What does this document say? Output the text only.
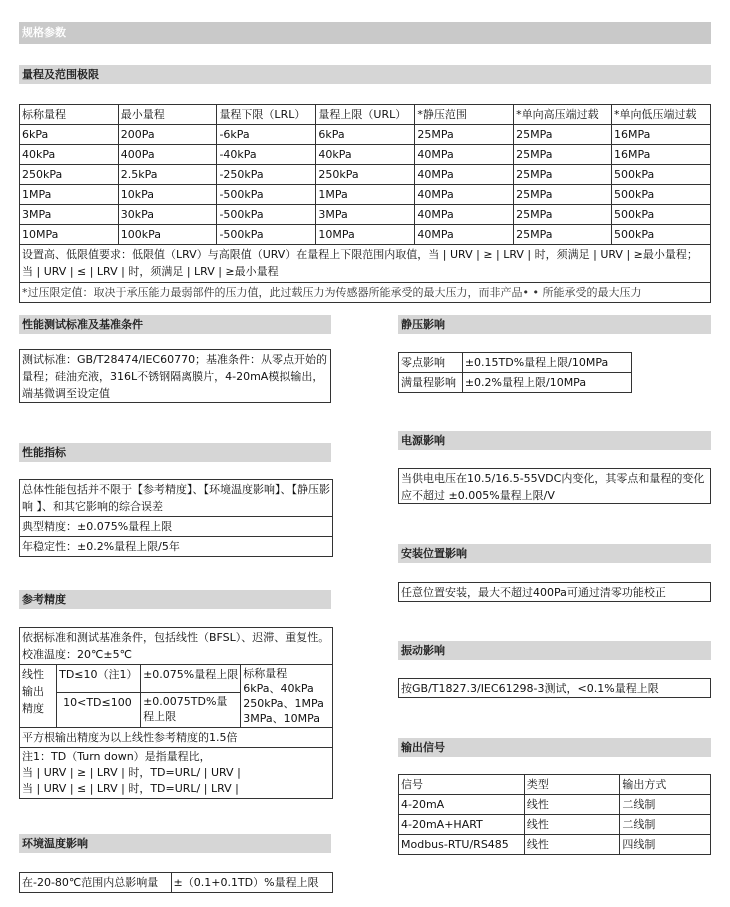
规格参数
量程及范围极限
标称量程	最小量程	量程下限（LRL）	量程上限（URL）	*静压范围	*单向高压端过载	*单向低压端过载
6kPa	200Pa	-6kPa	6kPa	25MPa	25MPa	16MPa
40kPa	400Pa	-40kPa	40kPa	40MPa	25MPa	16MPa
250kPa	2.5kPa	-250kPa	250kPa	40MPa	25MPa	500kPa
1MPa	10kPa	-500kPa	1MPa	40MPa	25MPa	500kPa
3MPa	30kPa	-500kPa	3MPa	40MPa	25MPa	500kPa
10MPa	100kPa	-500kPa	10MPa	40MPa	25MPa	500kPa
设置高、低限值要求：低限值（LRV）与高限值（URV）在量程上下限范围内取值，当 | URV | ≥ | LRV | 时，须满足 | URV | ≥最小量程；当 | URV | ≤ | LRV | 时，须满足 | LRV | ≥最小量程						
*过压限定值：取决于承压能力最弱部件的压力值，此过载压力为传感器所能承受的最大压力，而非产品• • 所能承受的最大压力						
性能测试标准及基准条件
测试标准：GB/T28474/IEC60770；基准条件：从零点开始的量程；硅油充液，316L不锈钢隔离膜片，4-20mA模拟输出，端基微调至设定值
性能指标
总体性能包括并不限于【参考精度】、【环境温度影响】、【静压影响 】、和其它影响的综合误差
典型精度：±0.075%量程上限
年稳定性：±0.2%量程上限/5年
参考精度
依据标准和测试基准条件，包括线性（BFSL）、迟滞、重复性。校准温度：20℃±5℃			
线性输出精度	TD≤10（注1）	±0.075%量程上限	标称量程
6kPa、40kPa
250kPa、1MPa
3MPa、10MPa

	10<TD≤100	±0.0075TD%量程上限	
平方根输出精度为以上线性参考精度的1.5倍			

注1：TD（Turn down）是指量程比，
当 | URV | ≥ | LRV | 时，TD=URL/ | URV |
当 | URV | ≤ | LRV | 时，TD=URL/ | LRV |			
环境温度影响
在-20-80℃范围内总影响量	±（0.1+0.1TD）%量程上限
静压影响
零点影响	±0.15TD%量程上限/10MPa
满量程影响	±0.2%量程上限/10MPa
电源影响
当供电电压在10.5/16.5-55VDC内变化，其零点和量程的变化应不超过 ±0.005%量程上限/V
安装位置影响
任意位置安装，最大不超过400Pa可通过清零功能校正
振动影响
按GB/T1827.3/IEC61298-3测试，<0.1%量程上限
输出信号
信号	类型	输出方式
4-20mA	线性	二线制
4-20mA+HART	线性	二线制
Modbus-RTU/RS485	线性	四线制
